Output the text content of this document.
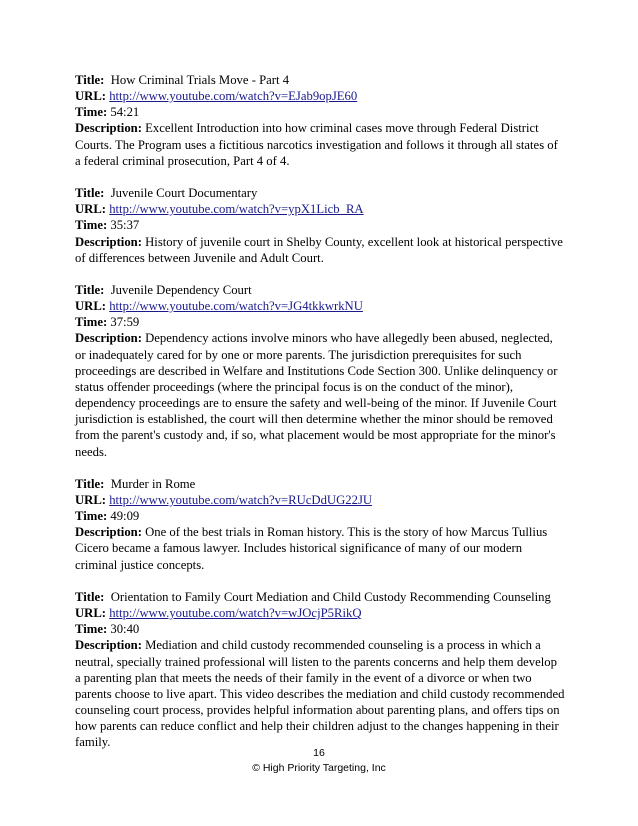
Title: How Criminal Trials Move - Part 4
URL: http://www.youtube.com/watch?v=EJab9opJE60
Time: 54:21
Description: Excellent Introduction into how criminal cases move through Federal District Courts. The Program uses a fictitious narcotics investigation and follows it through all states of a federal criminal prosecution, Part 4 of 4.
Title: Juvenile Court Documentary
URL: http://www.youtube.com/watch?v=ypX1Licb_RA
Time: 35:37
Description: History of juvenile court in Shelby County, excellent look at historical perspective of differences between Juvenile and Adult Court.
Title: Juvenile Dependency Court
URL: http://www.youtube.com/watch?v=JG4tkkwrkNU
Time: 37:59
Description: Dependency actions involve minors who have allegedly been abused, neglected, or inadequately cared for by one or more parents. The jurisdiction prerequisites for such proceedings are described in Welfare and Institutions Code Section 300. Unlike delinquency or status offender proceedings (where the principal focus is on the conduct of the minor), dependency proceedings are to ensure the safety and well-being of the minor. If Juvenile Court jurisdiction is established, the court will then determine whether the minor should be removed from the parent's custody and, if so, what placement would be most appropriate for the minor's needs.
Title: Murder in Rome
URL: http://www.youtube.com/watch?v=RUcDdUG22JU
Time: 49:09
Description: One of the best trials in Roman history. This is the story of how Marcus Tullius Cicero became a famous lawyer. Includes historical significance of many of our modern criminal justice concepts.
Title: Orientation to Family Court Mediation and Child Custody Recommending Counseling
URL: http://www.youtube.com/watch?v=wJOcjP5RikQ
Time: 30:40
Description: Mediation and child custody recommended counseling is a process in which a neutral, specially trained professional will listen to the parents concerns and help them develop a parenting plan that meets the needs of their family in the event of a divorce or when two parents choose to live apart. This video describes the mediation and child custody recommended counseling court process, provides helpful information about parenting plans, and offers tips on how parents can reduce conflict and help their children adjust to the changes happening in their family.
16
© High Priority Targeting, Inc
